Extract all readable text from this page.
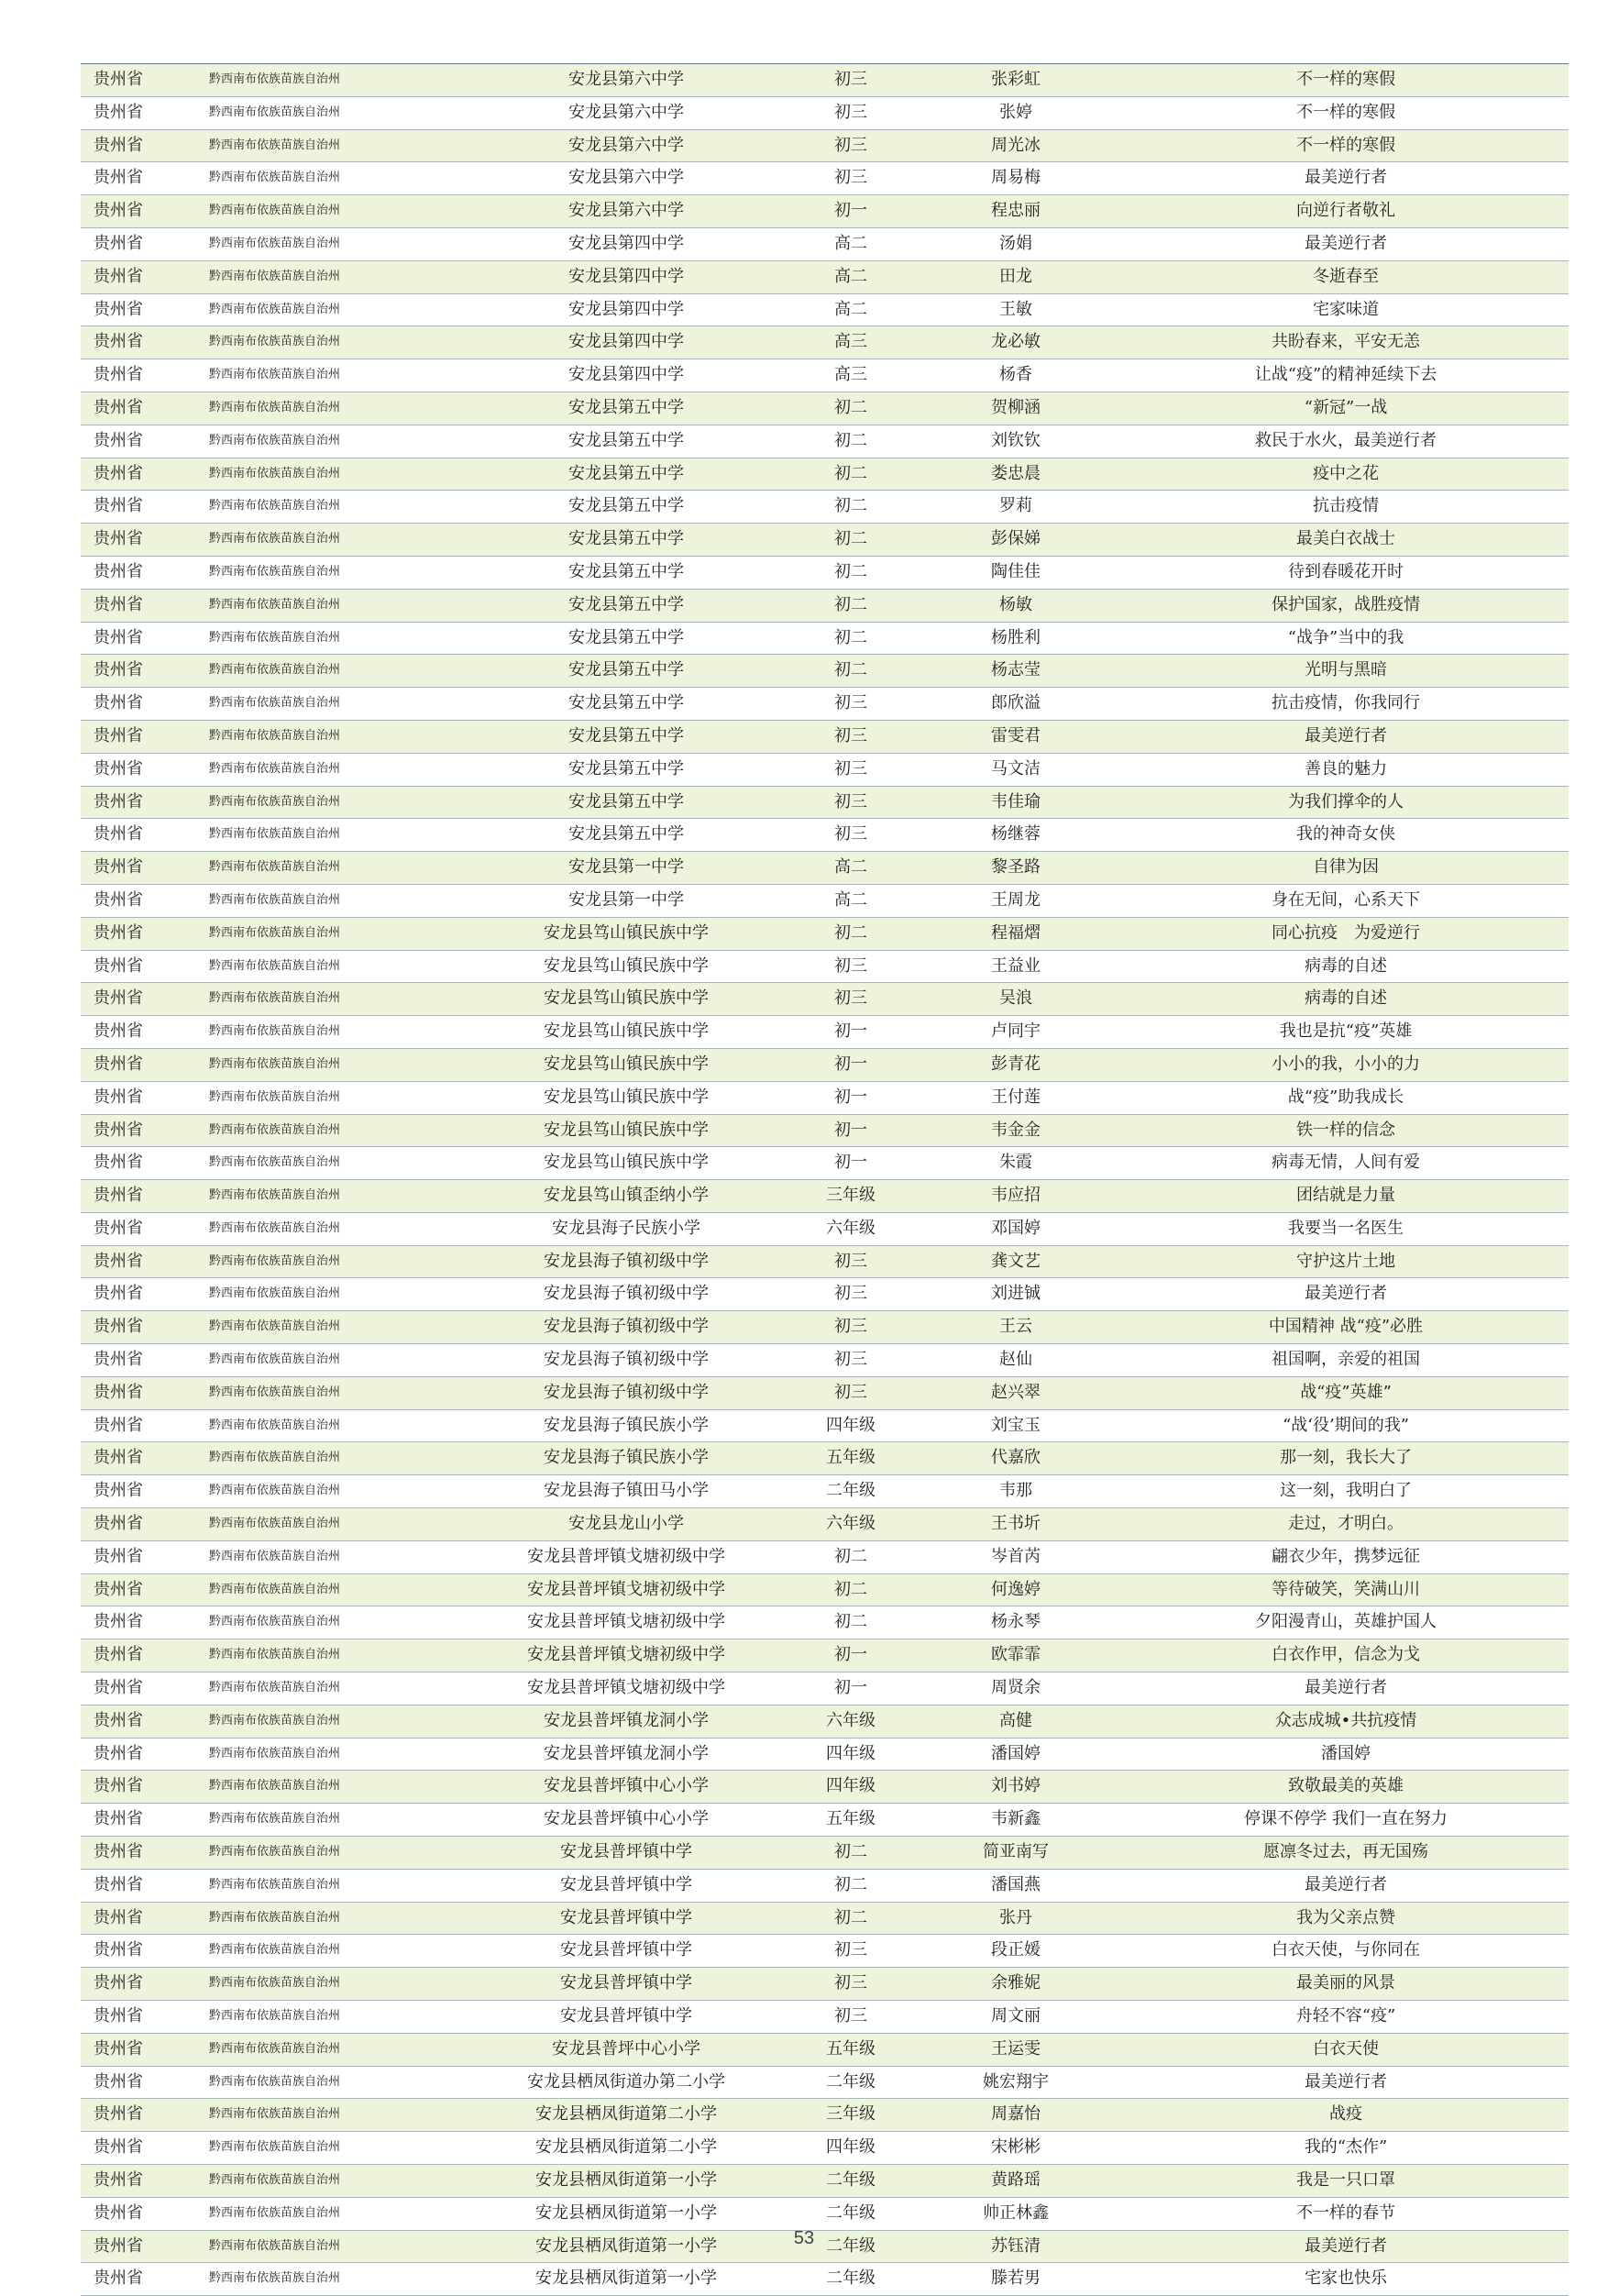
贵州省	黔西南布依族苗族自治州	安龙县第六中学	初三	张彩虹	不一样的寒假
贵州省	黔西南布依族苗族自治州	安龙县第六中学	初三	张婷	不一样的寒假
贵州省	黔西南布依族苗族自治州	安龙县第六中学	初三	周光冰	不一样的寒假
贵州省	黔西南布依族苗族自治州	安龙县第六中学	初三	周易梅	最美逆行者
贵州省	黔西南布依族苗族自治州	安龙县第六中学	初一	程忠丽	向逆行者敬礼
贵州省	黔西南布依族苗族自治州	安龙县第四中学	高二	汤娟	最美逆行者
贵州省	黔西南布依族苗族自治州	安龙县第四中学	高二	田龙	冬逝春至
贵州省	黔西南布依族苗族自治州	安龙县第四中学	高二	王敏	宅家味道
贵州省	黔西南布依族苗族自治州	安龙县第四中学	高三	龙必敏	共盼春来，平安无恙
贵州省	黔西南布依族苗族自治州	安龙县第四中学	高三	杨香	让战“疫”的精神延续下去
贵州省	黔西南布依族苗族自治州	安龙县第五中学	初二	贺柳涵	“新冠”一战
贵州省	黔西南布依族苗族自治州	安龙县第五中学	初二	刘钦钦	救民于水火，最美逆行者
贵州省	黔西南布依族苗族自治州	安龙县第五中学	初二	娄忠晨	疫中之花
贵州省	黔西南布依族苗族自治州	安龙县第五中学	初二	罗莉	抗击疫情
贵州省	黔西南布依族苗族自治州	安龙县第五中学	初二	彭保娣	最美白衣战士
贵州省	黔西南布依族苗族自治州	安龙县第五中学	初二	陶佳佳	待到春暖花开时
贵州省	黔西南布依族苗族自治州	安龙县第五中学	初二	杨敏	保护国家，战胜疫情
贵州省	黔西南布依族苗族自治州	安龙县第五中学	初二	杨胜利	“战争”当中的我
贵州省	黔西南布依族苗族自治州	安龙县第五中学	初二	杨志莹	光明与黑暗
贵州省	黔西南布依族苗族自治州	安龙县第五中学	初三	郎欣溢	抗击疫情，你我同行
贵州省	黔西南布依族苗族自治州	安龙县第五中学	初三	雷雯君	最美逆行者
贵州省	黔西南布依族苗族自治州	安龙县第五中学	初三	马文洁	善良的魅力
贵州省	黔西南布依族苗族自治州	安龙县第五中学	初三	韦佳瑜	为我们撑伞的人
贵州省	黔西南布依族苗族自治州	安龙县第五中学	初三	杨继蓉	我的神奇女侠
贵州省	黔西南布依族苗族自治州	安龙县第一中学	高二	黎圣路	自律为因
贵州省	黔西南布依族苗族自治州	安龙县第一中学	高二	王周龙	身在无间，心系天下
贵州省	黔西南布依族苗族自治州	安龙县笃山镇民族中学	初二	程福熠	同心抗疫　为爱逆行
贵州省	黔西南布依族苗族自治州	安龙县笃山镇民族中学	初三	王益业	病毒的自述
贵州省	黔西南布依族苗族自治州	安龙县笃山镇民族中学	初三	吴浪	病毒的自述
贵州省	黔西南布依族苗族自治州	安龙县笃山镇民族中学	初一	卢同宇	我也是抗“疫”英雄
贵州省	黔西南布依族苗族自治州	安龙县笃山镇民族中学	初一	彭青花	小小的我，小小的力
贵州省	黔西南布依族苗族自治州	安龙县笃山镇民族中学	初一	王付莲	战“疫”助我成长
贵州省	黔西南布依族苗族自治州	安龙县笃山镇民族中学	初一	韦金金	铁一样的信念
贵州省	黔西南布依族苗族自治州	安龙县笃山镇民族中学	初一	朱霞	病毒无情，人间有爱
贵州省	黔西南布依族苗族自治州	安龙县笃山镇歪纳小学	三年级	韦应招	团结就是力量
贵州省	黔西南布依族苗族自治州	安龙县海子民族小学	六年级	邓国婷	我要当一名医生
贵州省	黔西南布依族苗族自治州	安龙县海子镇初级中学	初三	龚文艺	守护这片土地
贵州省	黔西南布依族苗族自治州	安龙县海子镇初级中学	初三	刘进铖	最美逆行者
贵州省	黔西南布依族苗族自治州	安龙县海子镇初级中学	初三	王云	中国精神 战“疫”必胜
贵州省	黔西南布依族苗族自治州	安龙县海子镇初级中学	初三	赵仙	祖国啊，亲爱的祖国
贵州省	黔西南布依族苗族自治州	安龙县海子镇初级中学	初三	赵兴翠	战“疫”英雄”
贵州省	黔西南布依族苗族自治州	安龙县海子镇民族小学	四年级	刘宝玉	“战‘役’期间的我”
贵州省	黔西南布依族苗族自治州	安龙县海子镇民族小学	五年级	代嘉欣	那一刻，我长大了
贵州省	黔西南布依族苗族自治州	安龙县海子镇田马小学	二年级	韦那	这一刻，我明白了
贵州省	黔西南布依族苗族自治州	安龙县龙山小学	六年级	王书圻	走过，才明白。
贵州省	黔西南布依族苗族自治州	安龙县普坪镇戈塘初级中学	初二	岑首芮	翩衣少年，携梦远征
贵州省	黔西南布依族苗族自治州	安龙县普坪镇戈塘初级中学	初二	何逸婷	等待破笑，笑满山川
贵州省	黔西南布依族苗族自治州	安龙县普坪镇戈塘初级中学	初二	杨永琴	夕阳漫青山，英雄护国人
贵州省	黔西南布依族苗族自治州	安龙县普坪镇戈塘初级中学	初一	欧霏霏	白衣作甲，信念为戈
贵州省	黔西南布依族苗族自治州	安龙县普坪镇戈塘初级中学	初一	周贤余	最美逆行者
贵州省	黔西南布依族苗族自治州	安龙县普坪镇龙洞小学	六年级	高健	众志成城•共抗疫情
贵州省	黔西南布依族苗族自治州	安龙县普坪镇龙洞小学	四年级	潘国婷	潘国婷
贵州省	黔西南布依族苗族自治州	安龙县普坪镇中心小学	四年级	刘书婷	致敬最美的英雄
贵州省	黔西南布依族苗族自治州	安龙县普坪镇中心小学	五年级	韦新鑫	停课不停学 我们一直在努力
贵州省	黔西南布依族苗族自治州	安龙县普坪镇中学	初二	简亚南写	愿凛冬过去，再无国殇
贵州省	黔西南布依族苗族自治州	安龙县普坪镇中学	初二	潘国燕	最美逆行者
贵州省	黔西南布依族苗族自治州	安龙县普坪镇中学	初二	张丹	我为父亲点赞
贵州省	黔西南布依族苗族自治州	安龙县普坪镇中学	初三	段正媛	白衣天使，与你同在
贵州省	黔西南布依族苗族自治州	安龙县普坪镇中学	初三	余雅妮	最美丽的风景
贵州省	黔西南布依族苗族自治州	安龙县普坪镇中学	初三	周文丽	舟轻不容“疫”
贵州省	黔西南布依族苗族自治州	安龙县普坪中心小学	五年级	王运雯	白衣天使
贵州省	黔西南布依族苗族自治州	安龙县栖凤街道办第二小学	二年级	姚宏翔宇	最美逆行者
贵州省	黔西南布依族苗族自治州	安龙县栖凤街道第二小学	三年级	周嘉怡	战疫
贵州省	黔西南布依族苗族自治州	安龙县栖凤街道第二小学	四年级	宋彬彬	我的“杰作”
贵州省	黔西南布依族苗族自治州	安龙县栖凤街道第一小学	二年级	黄路瑶	我是一只口罩
贵州省	黔西南布依族苗族自治州	安龙县栖凤街道第一小学	二年级	帅正林鑫	不一样的春节
贵州省	黔西南布依族苗族自治州	安龙县栖凤街道第一小学	二年级	苏钰清	最美逆行者
贵州省	黔西南布依族苗族自治州	安龙县栖凤街道第一小学	二年级	滕若男	宅家也快乐
53
